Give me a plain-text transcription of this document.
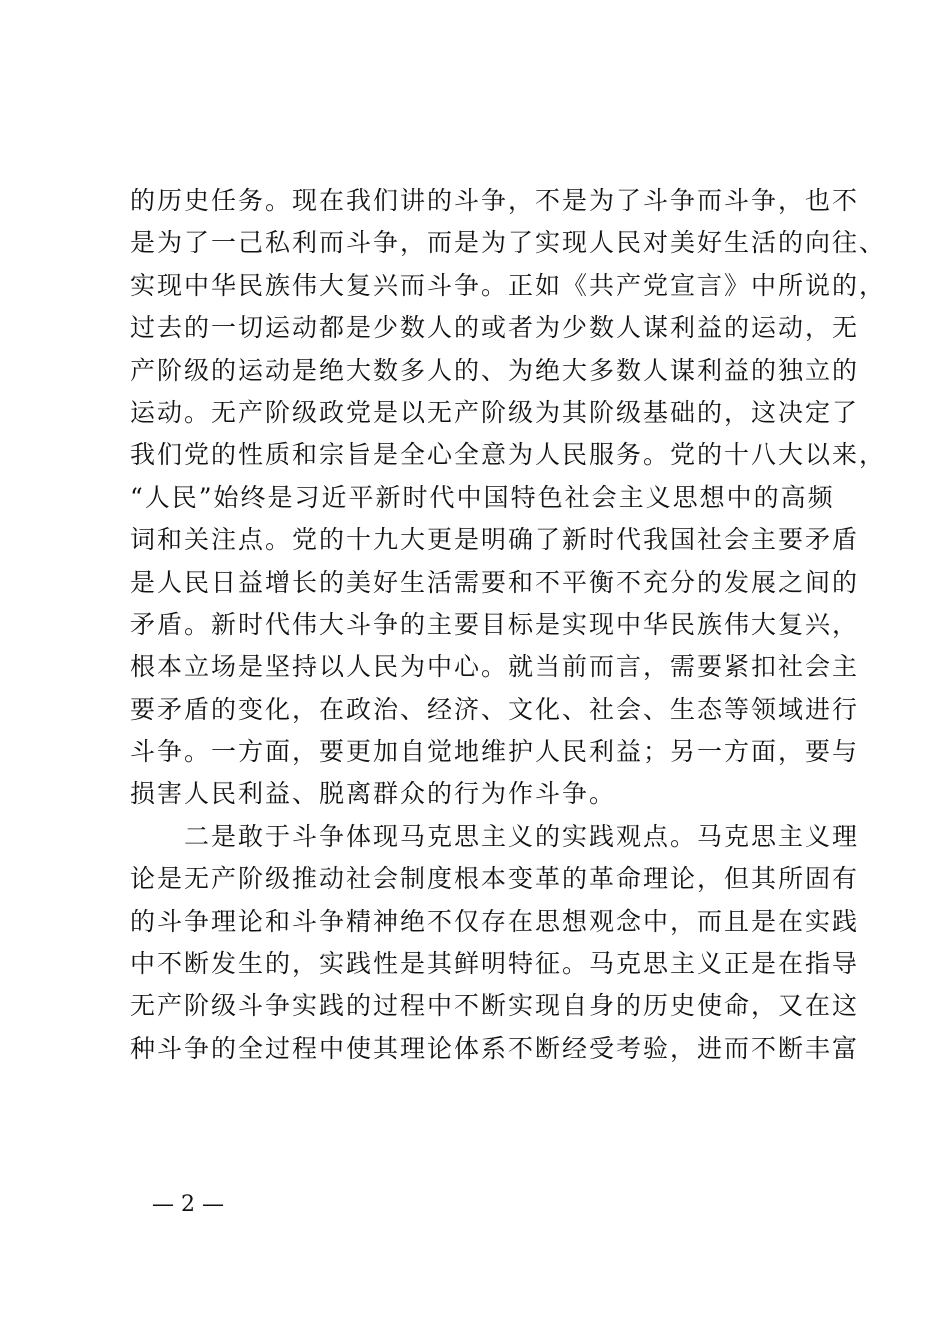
的历史任务。现在我们讲的斗争，不是为了斗争而斗争，也不
是为了一己私利而斗争，而是为了实现人民对美好生活的向往、
实现中华民族伟大复兴而斗争。正如《共产党宣言》中所说的，
过去的一切运动都是少数人的或者为少数人谋利益的运动，无
产阶级的运动是绝大数多人的、为绝大多数人谋利益的独立的
运动。无产阶级政党是以无产阶级为其阶级基础的，这决定了
我们党的性质和宗旨是全心全意为人民服务。党的十八大以来，
“人民”始终是习近平新时代中国特色社会主义思想中的高频
词和关注点。党的十九大更是明确了新时代我国社会主要矛盾
是人民日益增长的美好生活需要和不平衡不充分的发展之间的
矛盾。新时代伟大斗争的主要目标是实现中华民族伟大复兴，
根本立场是坚持以人民为中心。就当前而言，需要紧扣社会主
要矛盾的变化，在政治、经济、文化、社会、生态等领域进行
斗争。一方面，要更加自觉地维护人民利益；另一方面，要与
损害人民利益、脱离群众的行为作斗争。
二是敢于斗争体现马克思主义的实践观点。马克思主义理
论是无产阶级推动社会制度根本变革的革命理论，但其所固有
的斗争理论和斗争精神绝不仅存在思想观念中，而且是在实践
中不断发生的，实践性是其鲜明特征。马克思主义正是在指导
无产阶级斗争实践的过程中不断实现自身的历史使命，又在这
种斗争的全过程中使其理论体系不断经受考验，进而不断丰富
— 2 —
